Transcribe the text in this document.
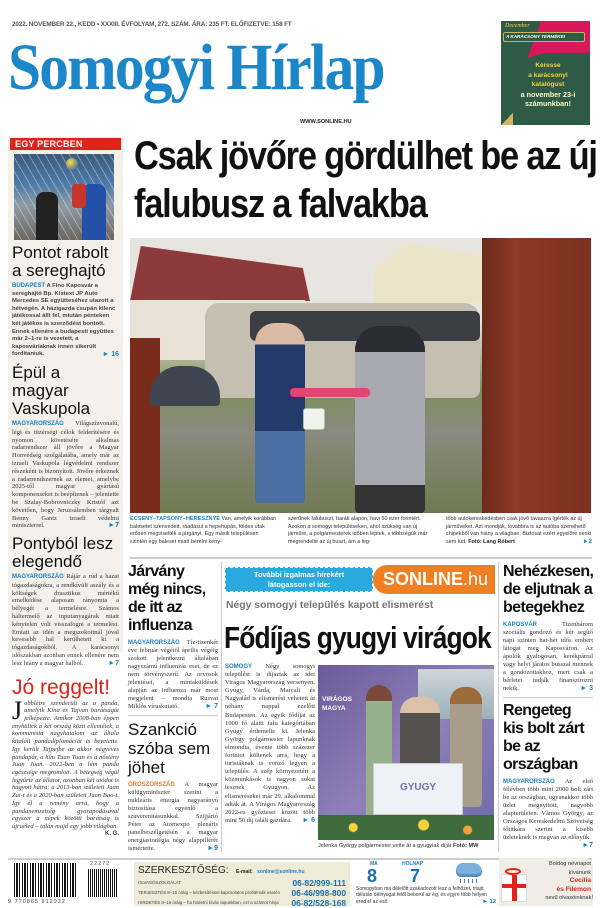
2022. NOVEMBER 22., KEDD • XXXIII. ÉVFOLYAM, 272. SZÁM. ÁRA: 235 FT. ELŐFIZETVE: 158 FT
Somogyi Hírlap
WWW.SONLINE.HU
December
A KARÁCSONY TERMÉKEI
Keresse
a karácsonyi
katalógust
a november 23-i
számunkban!
EGY PERCBEN
Pontot rabolt a sereghajtó
BUDAPEST A Fino Kaposvár a sereghajtó Bp. Kistext JP Auto Mercedes SE együtteséhez utazott a hétvégén. A házigazda csupán kilenc játékossal állt fel, miután pénteken két játékos is szerződést bontott. Ennek ellenére a budapesti együttes már 2–1-re is vezetett, a kaposváriaknak innen sikerült fordítaniuk.	► 16
Épül a magyar Vaskupola
MAGYARORSZÁG Világszínvonalú, légi és tüzérségi célok felderítésére és nyomon követésére alkalmas radarrendszer áll jövőre a Magyar Honvédség szolgálatába, amely már az izraeli Vaskupola légvédelmi rendszer részeként is bizonyított. Jövőre érkeznek a radarrendszernek az elemei, amelybe 2025-től magyar gyártású komponenseket is beépítenek – jelentette be Szalay-Bobrovniczky Kristóf azt követően, hogy Jeruzsálemben tárgyalt Benny Gantz izraeli védelmi miniszterrel.	►7
Pontyból lesz elegendő
MAGYARORSZÁG Rájár a rúd a hazai tógazdaságokra, a rendkívüli aszály és a költségek drasztikus mértékű emelkedése alaposan rányomta a bélyegét a termelésre. Számos haltermelő az inputanyagárak miatt kénytelen volt visszafogni a termelést. Emiatt az idén a megszokottnál jóval kevesebb hal kerülhetett ki a tógazdaságokból. A karácsonyi időszakban azonban ennek ellenére nem lesz hiány a magyar halból.	►7
Jó reggelt!
J obblétre szenderült az a panda, amelyik Kína és Tajvan barátságát jelképezte. Amikor 2008-ban éppen enyhültek a két ország közti ellentétek, a kommunista nagyhatalom az általa kitalált pandadiplomáciát is bevetette. Így került Tajpejbe az akkor négyéves pandapár, a hím Tuan Tuan és a nőstény Juan Juan. 2022-ben a hím panda egészsége megromlott. A betegség végül legyűrte az állatot, azonban két utódot is hagyott hátra: a 2013-ban született Juan Zai-t és a 2020-ban született Juan Bao-t. Így él a remény arra, hogy a pandanemzetség gyarapodásával egyszer a népek közötti barátság is újraéled – talán majd egy jobb világban.
K. G.
Csak jövőre gördülhet be az új falubusz a falvakba
ECSENY–TAPSONY–HERESZNYE Van, amelyik korábban balesetet szenvedett, ráadásul a hepehupás, földes utak erősen megviselték a járgányt. Egy másik településen szintén egy baleset miatt bérelni kény-
szerűnek falubuszt, baráti alapon, havi 50 ezer forintért. Azokon a somogyi településeken, ahol szükség van új járműre, a polgármesterek időben léptek, s többségük már megrendelte az új buszt, ám a leg-
több autókereskedésben csak jövő tavaszra ígérték az új járműveket. Azt mondják, továbbra is az autóba szerelhető chipekből van hiány a világban. Biztosat ezért egyelőre senki sem tud. Fotó: Lang Róbert	►2
Járvány még nincs, de itt az influenza
MAGYARORSZÁG Tíz-tizenkét éve február végétől április végéig szokott jelentkezni általában nagyszámú influenzás eset, de ez nem törvényszerű. Az orvosok jelentései, a mintaküldések alapján az influenza már most megjelent – mondta Rusvai Miklós víruskutató.	► 7
Szankció szóba sem jöhet
OROSZORSZÁG A magyar külügyminiszter szerint a nukleáris energia nagyarányú biztosítása egyenlő a szuverenitásunkkal. Szijjártó Péter az Atomexpo plenáris panelbeszélgetésén a magyar energiastratégia négy alappillérét ismertette.	►9
További izgalmas hírekért látogasson el ide:	SONLINE.hu
Négy somogyi település kapott elismerést
Fődíjas gyugyi virágok
SOMOGY Négy somogyi települést is díjaztak az idei Virágos Magyarország versenyen. Gyugy, Várda, Marcali és Nagyatád is elismerést vehetett át néhány nappal ezelőtt Budapesten. Az egyik fődíjat az 1000 fő alatti falu kategóriában Gyugy érdemelte ki. Jelenka György polgármester lapunknak elmondta, évente több százezer forintot költenek arra, hogy a turistáknak is vonzó legyen a település. A szép környezetért a közmunkások is nagyon sokat tesznek Gyugyon. Az elismeréseket már 29. alkalommal adták át. A Virágos Magyarország 2022-es győztesei között több mint 50 díj talált gazdára. ► 6
VIRÁGOS MAGYA
GYUGY
Jelenka György polgármester vette át a gyugyiak díját Fotó: MW
Nehézkesen, de eljutnak a betegekhez
KAPOSVÁR	Tizenhárom szociális gondozó és két segítő napi szinten hat-hét idős embert látogat meg Kaposváron. Az ápolók gyalogosan, kerékpárral vagy helyi járatos busszal mennek a gondozottakhoz, mert csak a bérletet tudják finanszírozni nekik.	► 3
Rengeteg kis bolt zárt be az országban
MAGYARORSZÁG Az első félévben több mint 2000 bolt zárt be az országban, ugyanakkor több üzlet megnyitott, nagyobb alapterületen. Vámos György, az Országos Kereskedelmi Szövetség főtitkára szerint a kisebb üzleteknek is megvan az előnyük.
►7
22272
9 770865 912022
SZERKESZTŐSÉG: E-mail: sonline@sonline.hu
OLVASÓSZOLGÁLAT	06-82/999-111
TERJESZTÉS 8–16 óráig – kézbesítéssel kapcsolatos problémák esetén 06-46/998-800
HIRDETÉS 8–16 óráig – ha hirdetni kíván lapunkban, ezt a számot hívja 06-82/528-168
MA
8
HOLNAP
7
Somogyban ma délelőtt szakadozott lesz a felhőzet, majd délután délnyugat felől beborul az ég, és egyre több helyen ered el az eső.	► 12
Boldog névnapot
kívánunk
Cecília
és Filemon
nevű olvasóinknak!
